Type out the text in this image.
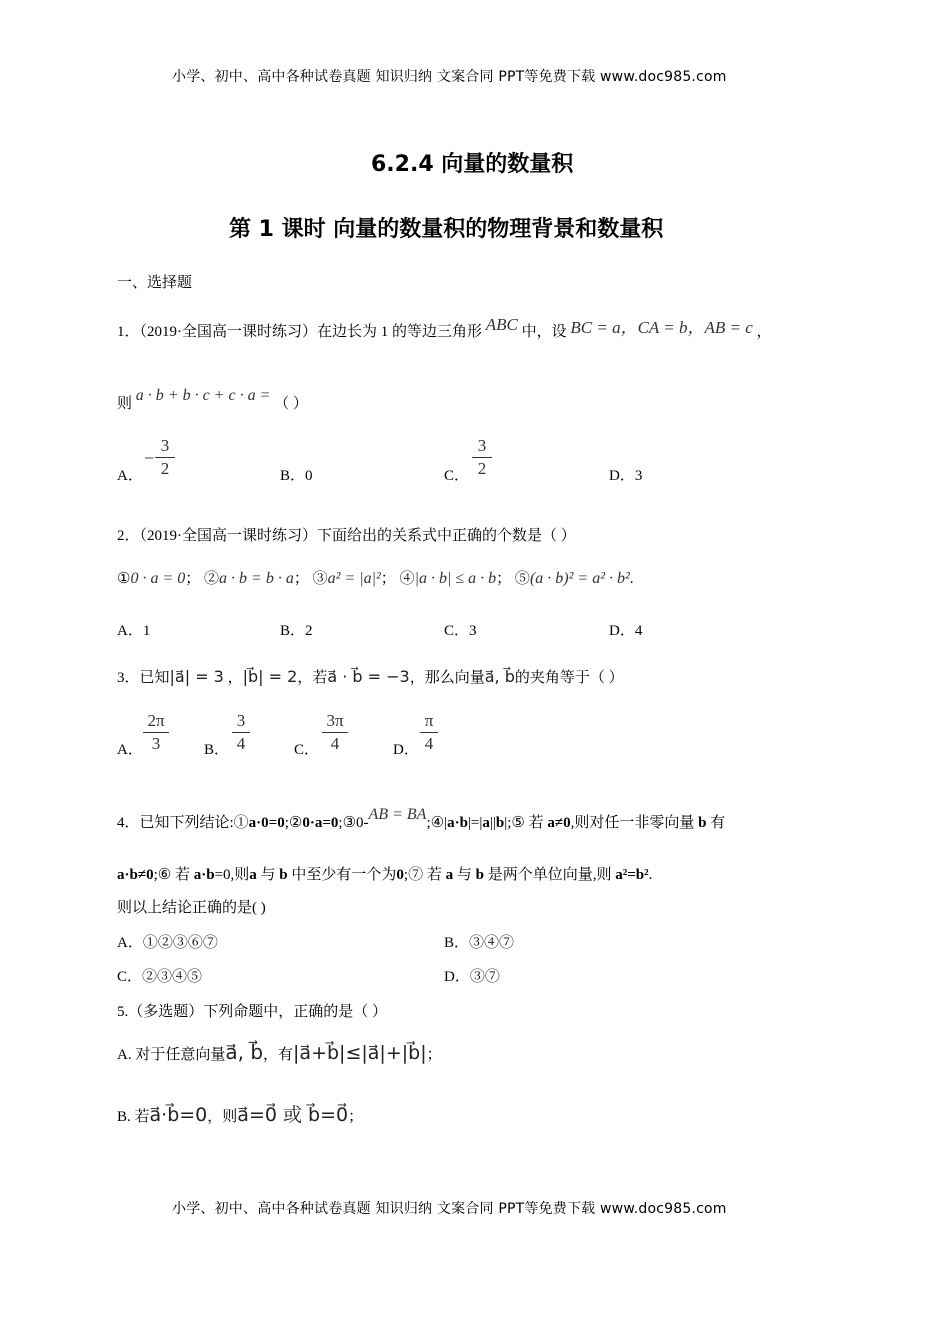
小学、初中、高中各种试卷真题 知识归纳 文案合同 PPT等免费下载 www.doc985.com
6.2.4 向量的数量积
第 1 课时 向量的数量积的物理背景和数量积
一、选择题
1．（2019·全国高一课时练习）在边长为 1 的等边三角形 ABC 中，设 BC = a，CA = b，AB = c ，
则 a · b + b · c + c · a = （ ）
A．
−
3
2	B．0	C．
3
2	D．3
2．（2019·全国高一课时练习）下面给出的关系式中正确的个数是（ ）
①0 · a = 0； ②a · b = b · a； ③a² = |a|²； ④|a · b| ≤ a · b； ⑤(a · b)² = a² · b².
A．1	B．2	C．3	D．4
3．已知|a⃗| = 3 ，|b⃗| = 2，若a⃗ · b⃗ = −3，那么向量a⃗, b⃗的夹角等于（ ）
A．
2π
3	B．
3
4	C．
3π
4	D．
π
4
4．已知下列结论:①a·0=0;②0·a=0;③0-AB = BA;④|a·b|=|a||b|;⑤ 若 a≠0,则对任一非零向量 b 有
a·b≠0;⑥ 若 a·b=0,则a 与 b 中至少有一个为0;⑦ 若 a 与 b 是两个单位向量,则 a²=b².
则以上结论正确的是( )
A．①②③⑥⑦	B．③④⑦
C．②③④⑤	D．③⑦
5.（多选题）下列命题中，正确的是（ ）
A. 对于任意向量a⃗, b⃗，有|a⃗+b⃗|≤|a⃗|+|b⃗|；
B. 若a⃗·b⃗=0，则a⃗=0⃗ 或 b⃗=0⃗；
小学、初中、高中各种试卷真题 知识归纳 文案合同 PPT等免费下载 www.doc985.com
